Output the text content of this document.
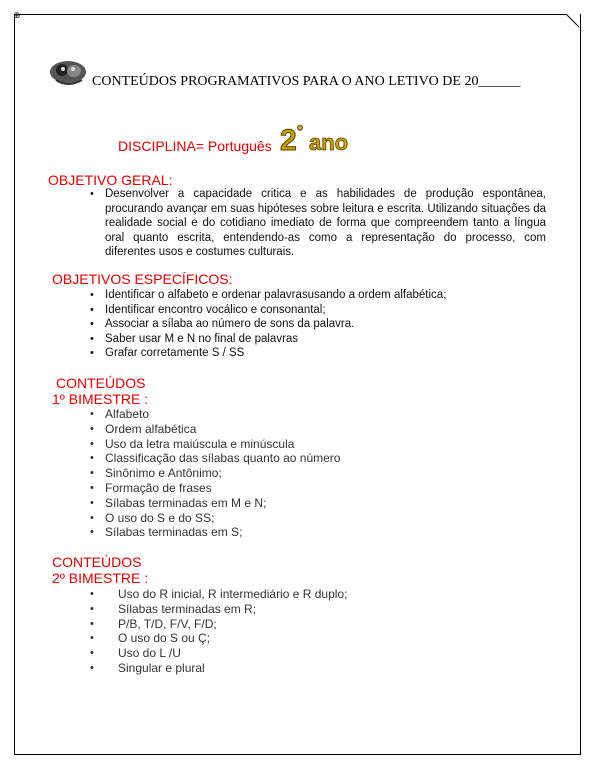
⊕
CONTEÚDOS PROGRAMATIVOS PARA O ANO LETIVO DE 20______
DISCIPLINA= Português 2 º ano
OBJETIVO GERAL:
• Desenvolver a capacidade critica e as habilidades de produção espontânea, procurando avançar em suas hipóteses sobre leitura e escrita. Utilizando situações da realidade social e do cotidiano imediato de forma que compreendem tanto a língua oral quanto escrita, entendendo-as como a representação do processo, com diferentes usos e costumes culturais.
OBJETIVOS ESPECÍFICOS:
• Identificar o alfabeto e ordenar palavrasusando a ordem alfabética;
• Identificar encontro vocálico e consonantal;
• Associar a sílaba ao número de sons da palavra.
• Saber usar M e N no final de palavras
• Grafar corretamente S / SS
CONTEÚDOS
1º BIMESTRE :
• Alfabeto
• Ordem alfabética
• Uso da letra maiúscula e minúscula
• Classificação das sílabas quanto ao número
• Sinônimo e Antônimo;
• Formação de frases
• Sílabas terminadas em M e N;
• O uso do S e do SS;
• Sílabas terminadas em S;
CONTEÚDOS
2º BIMESTRE :
• Uso do R inicial, R intermediário e R duplo;
• Sílabas terminadas em R;
• P/B, T/D, F/V, F/D;
• O uso do S ou Ç;
• Uso do L /U
• Singular e plural
